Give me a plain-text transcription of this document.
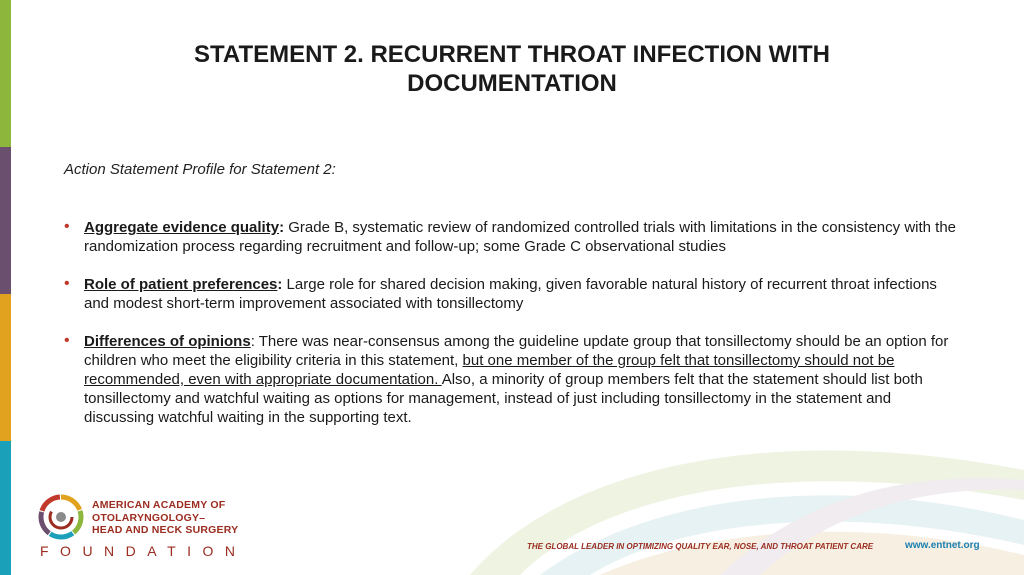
STATEMENT 2. RECURRENT THROAT INFECTION WITH DOCUMENTATION
Action Statement Profile for Statement 2:
• Aggregate evidence quality: Grade B, systematic review of randomized controlled trials with limitations in the consistency with the randomization process regarding recruitment and follow-up; some Grade C observational studies
• Role of patient preferences: Large role for shared decision making, given favorable natural history of recurrent throat infections and modest short-term improvement associated with tonsillectomy
• Differences of opinions: There was near-consensus among the guideline update group that tonsillectomy should be an option for children who meet the eligibility criteria in this statement, but one member of the group felt that tonsillectomy should not be recommended, even with appropriate documentation. Also, a minority of group members felt that the statement should list both tonsillectomy and watchful waiting as options for management, instead of just including tonsillectomy in the statement and discussing watchful waiting in the supporting text.
AMERICAN ACADEMY OF
OTOLARYNGOLOGY–
HEAD AND NECK SURGERY
FOUNDATION	THE GLOBAL LEADER IN OPTIMIZING QUALITY EAR, NOSE, AND THROAT PATIENT CARE	www.entnet.org
